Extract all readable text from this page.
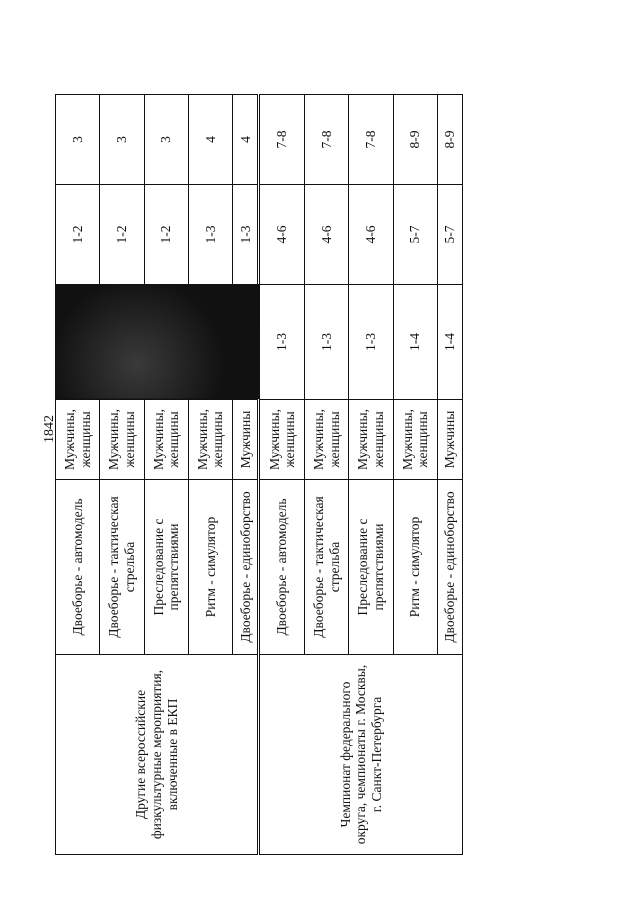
1842
Другие всероссийские физкультурные мероприятия, включенные в ЕКП	Двоеборье - автомодель	Мужчины, женщины		1-2	3
	Двоеборье - тактическая стрельба	Мужчины, женщины		1-2	3
	Преследование с препятствиями	Мужчины, женщины		1-2	3
	Ритм - симулятор	Мужчины, женщины		1-3	4
	Двоеборье - единоборство	Мужчины		1-3	4
Чемпионат федерального округа, чемпионаты г. Москвы, г. Санкт-Петербурга	Двоеборье - автомодель	Мужчины, женщины	1-3	4-6	7-8
	Двоеборье - тактическая стрельба	Мужчины, женщины	1-3	4-6	7-8
	Преследование с препятствиями	Мужчины, женщины	1-3	4-6	7-8
	Ритм - симулятор	Мужчины, женщины	1-4	5-7	8-9
	Двоеборье - единоборство	Мужчины	1-4	5-7	8-9
